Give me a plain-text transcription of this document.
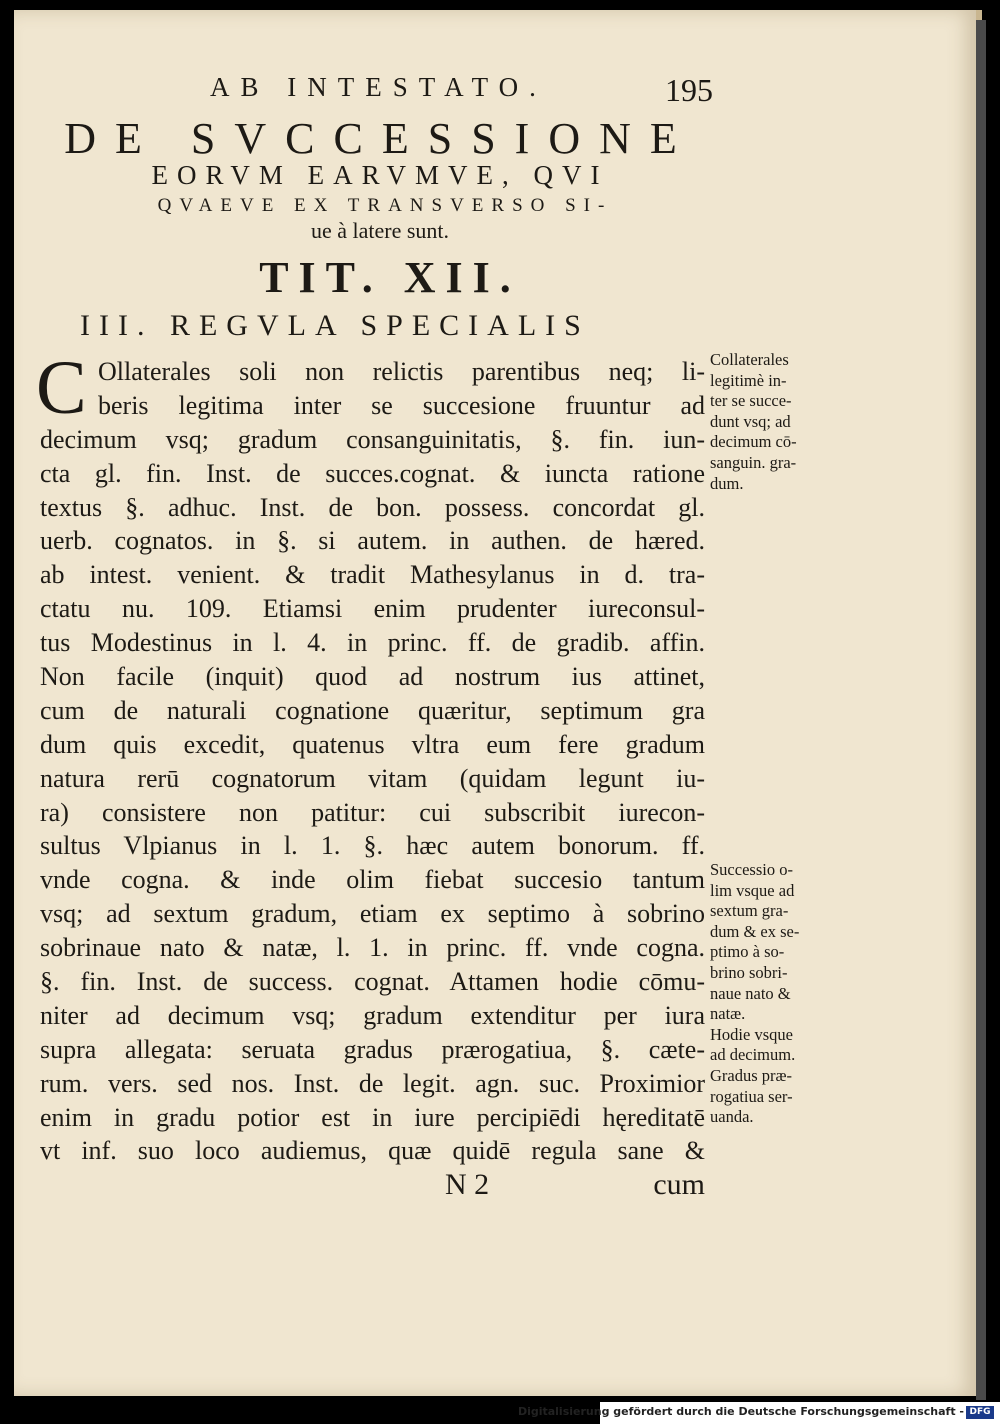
AB INTESTATO.	195
DE SVCCESSIONE
EORVM EARVMVE, QVI
QVAEVE EX TRANSVERSO SI-
ue à latere sunt.
TIT. XII.
III. REGVLA SPECIALIS
C Ollaterales soli non relictis parentibus neq; li-
beris legitima inter se succesione fruuntur ad
decimum vsq; gradum consanguinitatis, §. fin. iun-
cta gl. fin. Inst. de succes.cognat. & iuncta ratione
textus §. adhuc. Inst. de bon. possess. concordat gl.
uerb. cognatos. in §. si autem. in authen. de hæred.
ab intest. venient. & tradit Mathesylanus in d. tra-
ctatu nu. 109. Etiamsi enim prudenter iureconsul-
tus Modestinus in l. 4. in princ. ff. de gradib. affin.
Non facile (inquit) quod ad nostrum ius attinet,
cum de naturali cognatione quæritur, septimum gra
dum quis excedit, quatenus vltra eum fere gradum
natura rerū cognatorum vitam (quidam legunt iu-
ra) consistere non patitur: cui subscribit iurecon-
sultus Vlpianus in l. 1. §. hæc autem bonorum. ff.
vnde cogna. & inde olim fiebat succesio tantum
vsq; ad sextum gradum, etiam ex septimo à sobrino
sobrinaue nato & natæ, l. 1. in princ. ff. vnde cogna.
§. fin. Inst. de success. cognat. Attamen hodie cōmu-
niter ad decimum vsq; gradum extenditur per iura
supra allegata: seruata gradus prærogatiua, §. cæte-
rum. vers. sed nos. Inst. de legit. agn. suc. Proximior
enim in gradu potior est in iure percipiēdi hęreditatē
vt inf. suo loco audiemus, quæ quidē regula sane &
N 2	cum
Collaterales
legitimè in-
ter se succe-
dunt vsq; ad
decimum cō-
sanguin. gra-
dum.
Successio o-
lim vsque ad
sextum gra-
dum & ex se-
ptimo à so-
brino sobri-
naue nato &
natæ.
Hodie vsque
ad decimum.
Gradus præ-
rogatiua ser-
uanda.
Digitalisierung gefördert durch die Deutsche Forschungsgemeinschaft - DFG
